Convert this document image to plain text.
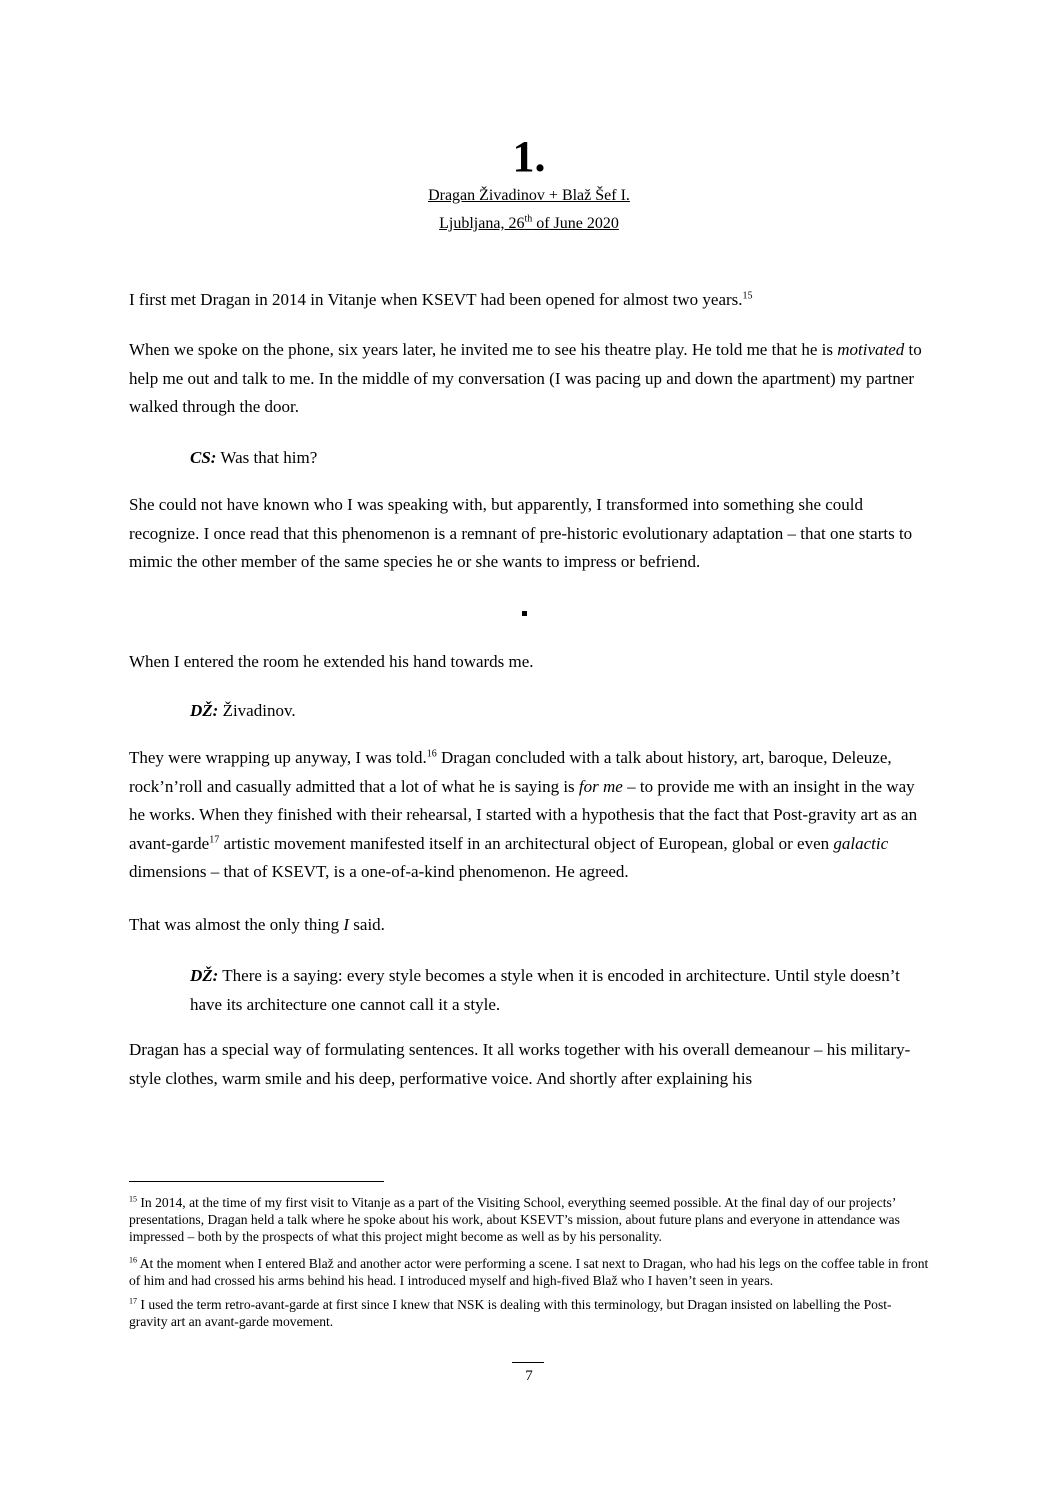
1.
Dragan Živadinov + Blaž Šef I.
Ljubljana, 26th of June 2020
I first met Dragan in 2014 in Vitanje when KSEVT had been opened for almost two years.$^{15}$
When we spoke on the phone, six years later, he invited me to see his theatre play. He told me that he is motivated to help me out and talk to me. In the middle of my conversation (I was pacing up and down the apartment) my partner walked through the door.
CS: Was that him?
She could not have known who I was speaking with, but apparently, I transformed into something she could recognize. I once read that this phenomenon is a remnant of pre-historic evolutionary adaptation – that one starts to mimic the other member of the same species he or she wants to impress or befriend.
When I entered the room he extended his hand towards me.
DŽ: Živadinov.
They were wrapping up anyway, I was told.$^{16}$ Dragan concluded with a talk about history, art, baroque, Deleuze, rock’n’roll and casually admitted that a lot of what he is saying is for me – to provide me with an insight in the way he works. When they finished with their rehearsal, I started with a hypothesis that the fact that Post-gravity art as an avant-garde$^{17}$ artistic movement manifested itself in an architectural object of European, global or even galactic dimensions – that of KSEVT, is a one-of-a-kind phenomenon. He agreed.
That was almost the only thing I said.
DŽ: There is a saying: every style becomes a style when it is encoded in architecture. Until style doesn’t have its architecture one cannot call it a style.
Dragan has a special way of formulating sentences. It all works together with his overall demeanour – his military-style clothes, warm smile and his deep, performative voice. And shortly after explaining his
$^{15}$ In 2014, at the time of my first visit to Vitanje as a part of the Visiting School, everything seemed possible. At the final day of our projects’ presentations, Dragan held a talk where he spoke about his work, about KSEVT’s mission, about future plans and everyone in attendance was impressed – both by the prospects of what this project might become as well as by his personality.
$^{16}$ At the moment when I entered Blaž and another actor were performing a scene. I sat next to Dragan, who had his legs on the coffee table in front of him and had crossed his arms behind his head. I introduced myself and high-fived Blaž who I haven’t seen in years.
$^{17}$ I used the term retro-avant-garde at first since I knew that NSK is dealing with this terminology, but Dragan insisted on labelling the Post-gravity art an avant-garde movement.
7
